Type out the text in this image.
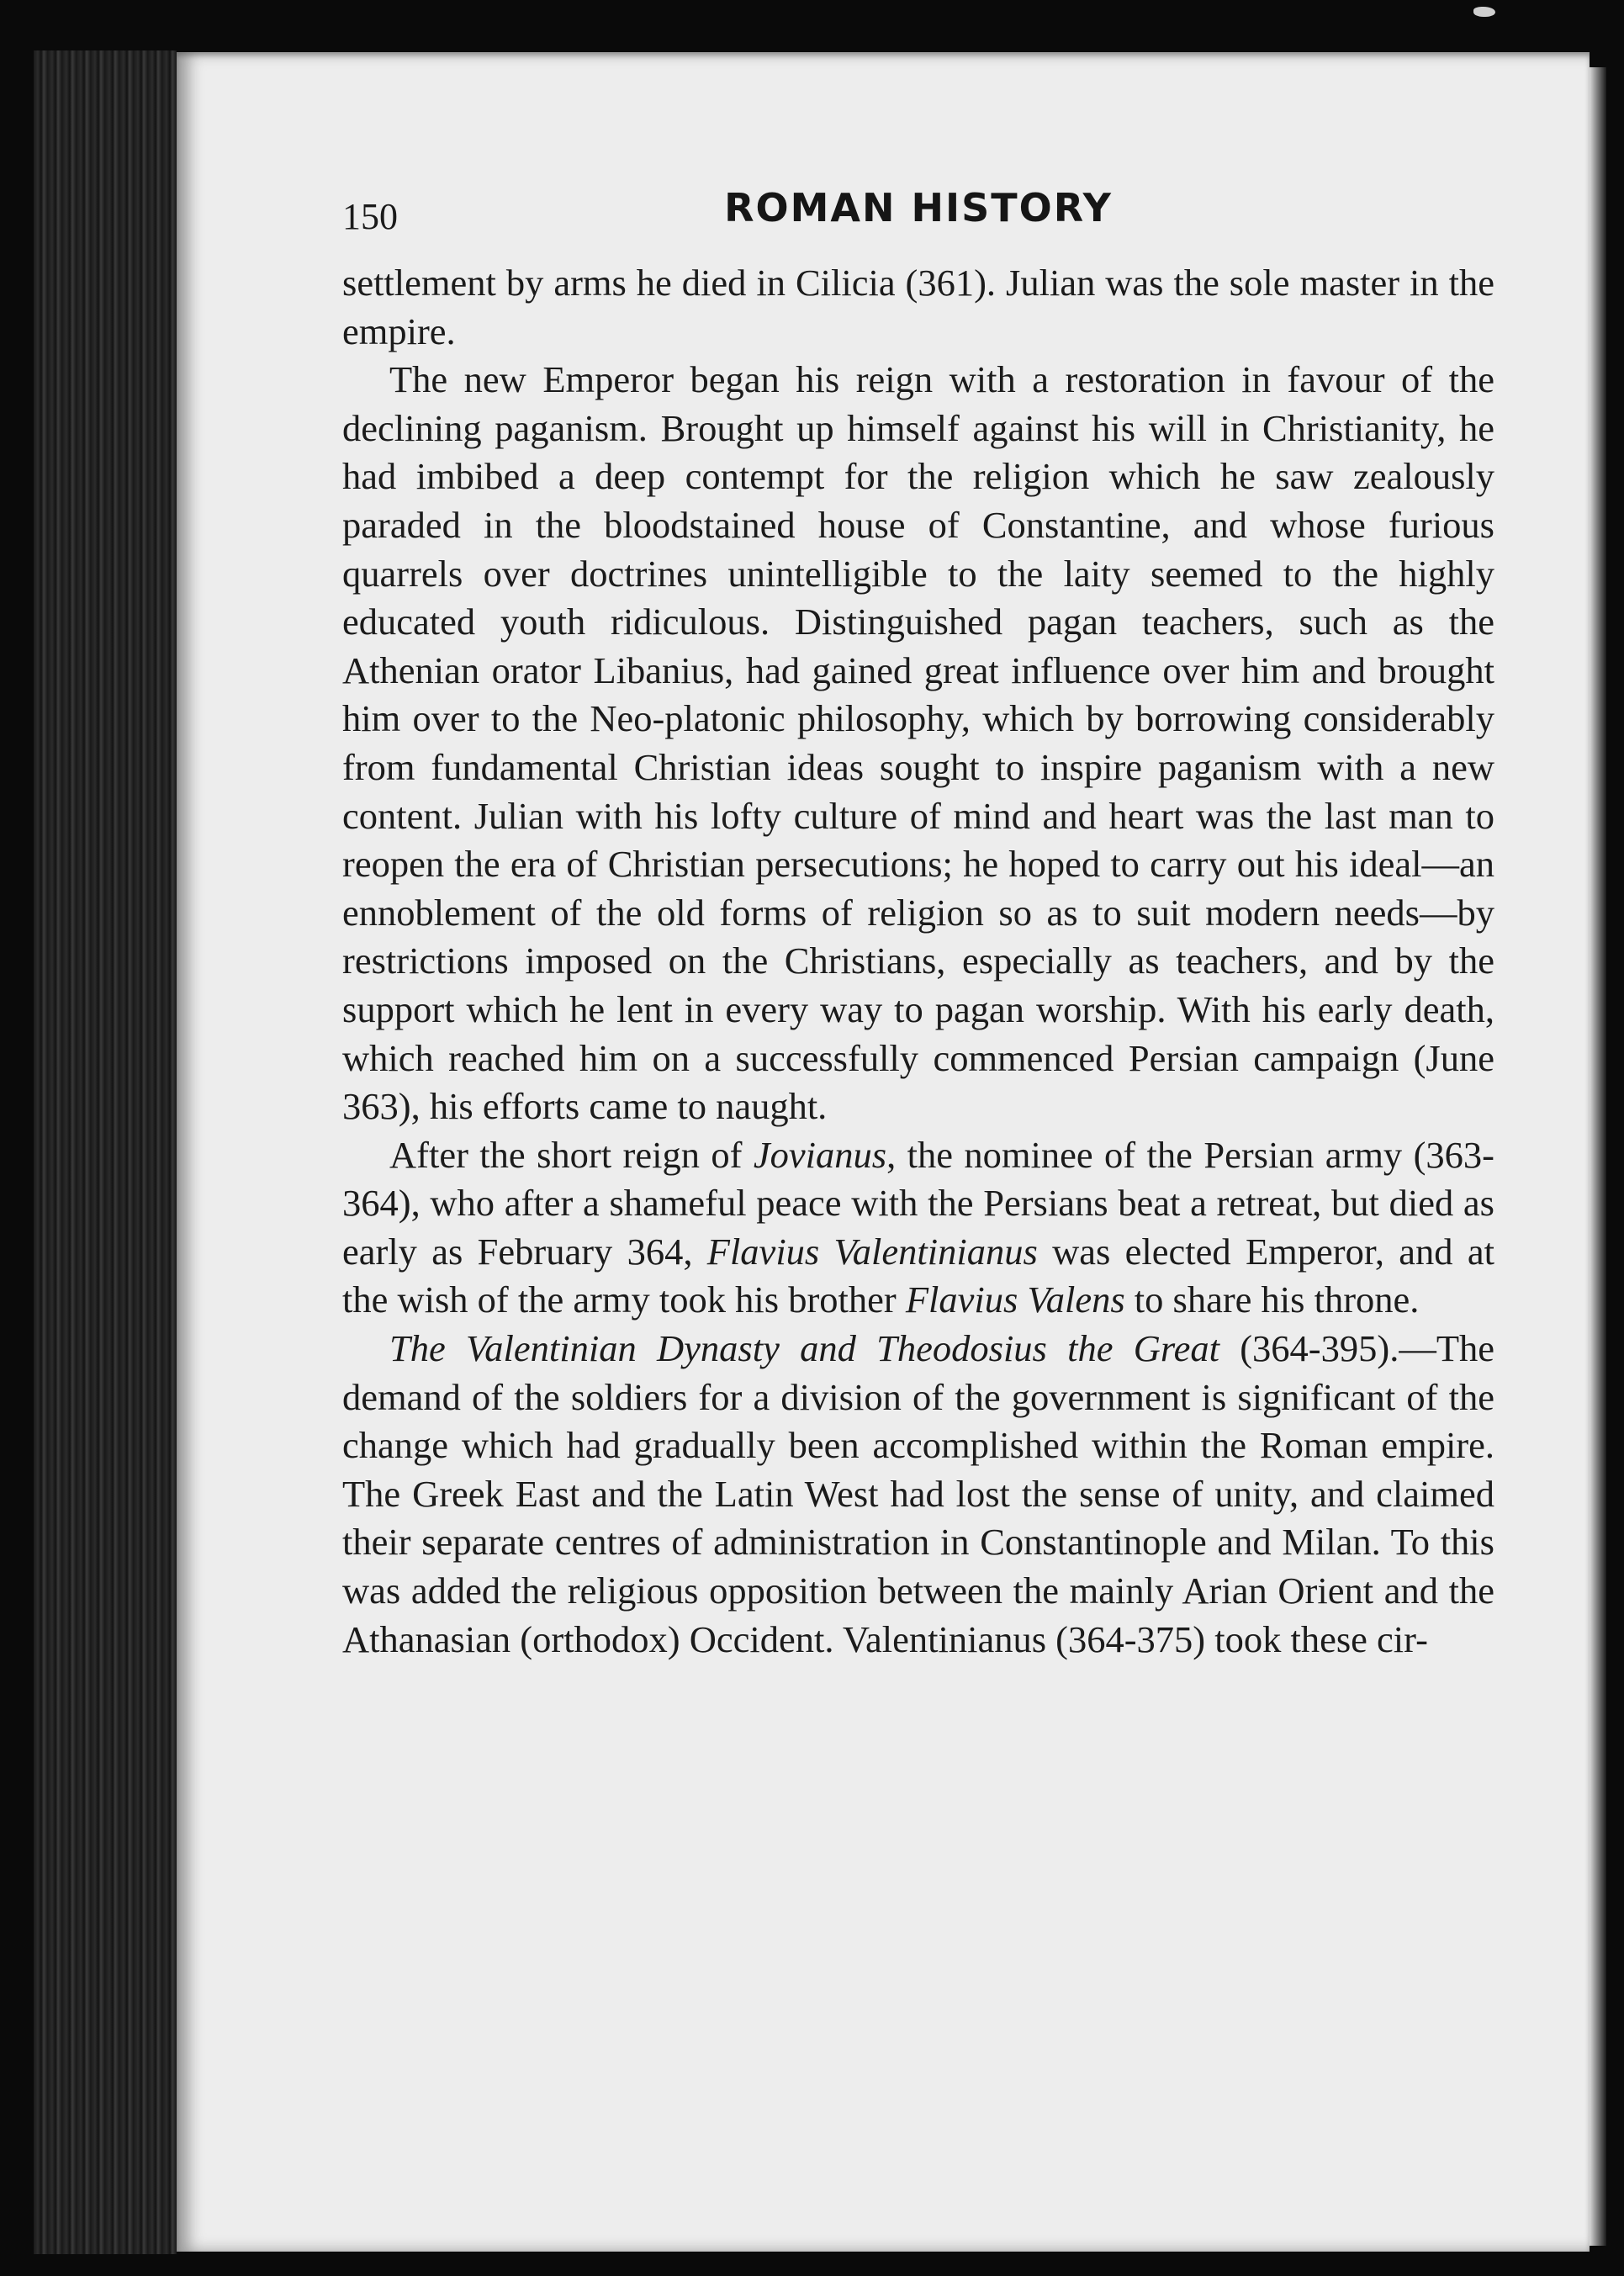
150	ROMAN HISTORY

settlement by arms he died in Cilicia (361). Julian was the sole master in the empire.

The new Emperor began his reign with a restoration in favour of the declining paganism. Brought up himself against his will in Christianity, he had imbibed a deep contempt for the religion which he saw zealously paraded in the bloodstained house of Constantine, and whose furious quarrels over doctrines unintelligible to the laity seemed to the highly educated youth ridiculous. Distinguished pagan teachers, such as the Athenian orator Libanius, had gained great influence over him and brought him over to the Neo-platonic philosophy, which by borrowing considerably from fundamental Christian ideas sought to inspire paganism with a new content. Julian with his lofty culture of mind and heart was the last man to reopen the era of Christian persecutions; he hoped to carry out his ideal—an ennoblement of the old forms of religion so as to suit modern needs—by restrictions imposed on the Christians, especially as teachers, and by the support which he lent in every way to pagan worship. With his early death, which reached him on a successfully commenced Persian campaign (June 363), his efforts came to naught.

After the short reign of Jovianus, the nominee of the Persian army (363-364), who after a shameful peace with the Persians beat a retreat, but died as early as February 364, Flavius Valentinianus was elected Emperor, and at the wish of the army took his brother Flavius Valens to share his throne.

The Valentinian Dynasty and Theodosius the Great (364-395).—The demand of the soldiers for a division of the government is significant of the change which had gradually been accomplished within the Roman empire. The Greek East and the Latin West had lost the sense of unity, and claimed their separate centres of administration in Constantinople and Milan. To this was added the religious opposition between the mainly Arian Orient and the Athanasian (orthodox) Occident. Valentinianus (364-375) took these cir-
